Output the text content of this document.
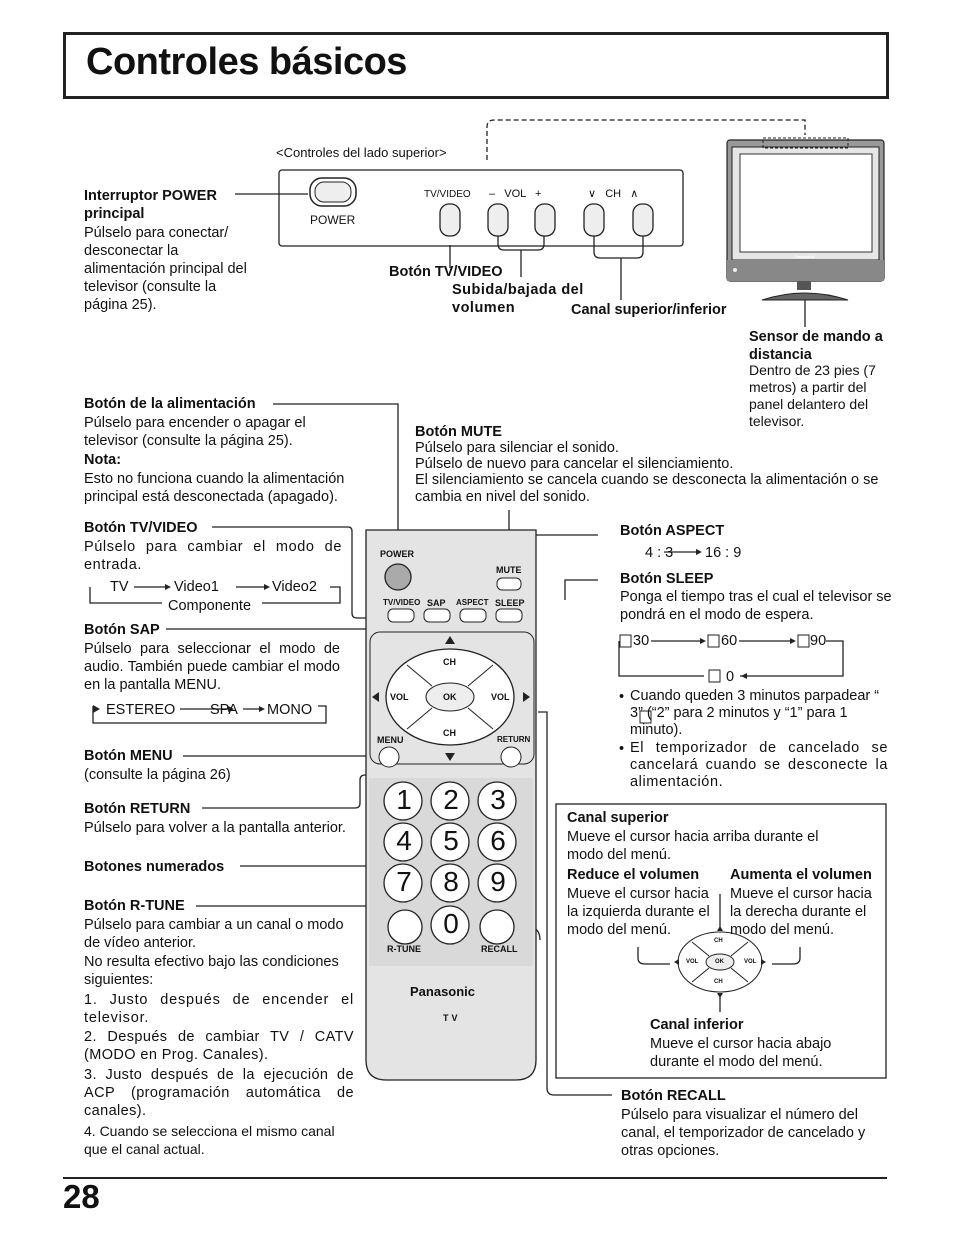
Controles básicos
<Controles del lado superior>
POWER
TV/VIDEO –   VOL   +	∨   CH   ∧
Interruptor POWER principal
Púlselo para conectar/ desconectar la alimentación principal del televisor (consulte la página 25).
Botón TV/VIDEO
Subida/bajada del volumen	Canal superior/inferior
Sensor de mando a distancia
Dentro de 23 pies (7 metros) a partir del panel delantero del televisor.
Botón de la alimentación
Púlselo para encender o apagar el televisor (consulte la página 25).
Nota:
Esto no funciona cuando la alimentación principal está desconectada (apagado).
Botón MUTE
Púlselo para silenciar el sonido.
Púlselo de nuevo para cancelar el silenciamiento.
El silenciamiento se cancela cuando se desconecta la alimentación o se cambia en nivel del sonido.
Botón TV/VIDEO
Púlselo para cambiar el modo de entrada.
TV	Video1	Video2
Componente
Botón SAP
Púlselo para seleccionar el modo de audio. También puede cambiar el modo en la pantalla MENU.
ESTEREO SPA MONO
Botón MENU
(consulte la página 26)
Botón RETURN
Púlselo para volver a la pantalla anterior.
Botones numerados
Botón R-TUNE
Púlselo para cambiar a un canal o modo de vídeo anterior.
No resulta efectivo bajo las condiciones siguientes:
1. Justo después de encender el televisor.
2. Después de cambiar TV / CATV (MODO en Prog. Canales).
3. Justo después de la ejecución de ACP (programación automática de canales).
4. Cuando se selecciona el mismo canal que el canal actual.
Botón ASPECT
4 : 3 16 : 9
Botón SLEEP
Ponga el tiempo tras el cual el televisor se pondrá en el modo de espera.
30	60	90
0
• Cuando queden 3 minutos parpadear “ 3” (“2” para 2 minutos y “1” para 1 minuto).
• El temporizador de cancelado se cancelará cuando se desconecte la alimentación.
Canal superior
Mueve el cursor hacia arriba durante el modo del menú.
Reduce el volumen
Mueve el cursor hacia la izquierda durante el modo del menú.
Aumenta el volumen
Mueve el cursor hacia la derecha durante el modo del menú.
Canal inferior
Mueve el cursor hacia abajo durante el modo del menú.
CH
CH
VOL	VOL
OK
Botón RECALL
Púlselo para visualizar el número del canal, el temporizador de cancelado y otras opciones.
POWER
MUTE
TV/VIDEO SAP ASPECT SLEEP
CH
CH
VOL	VOL
OK
MENU	RETURN
1 2 3
4 5 6
7 8 9
0
R-TUNE	RECALL
Panasonic
TV
Panasonic
28
